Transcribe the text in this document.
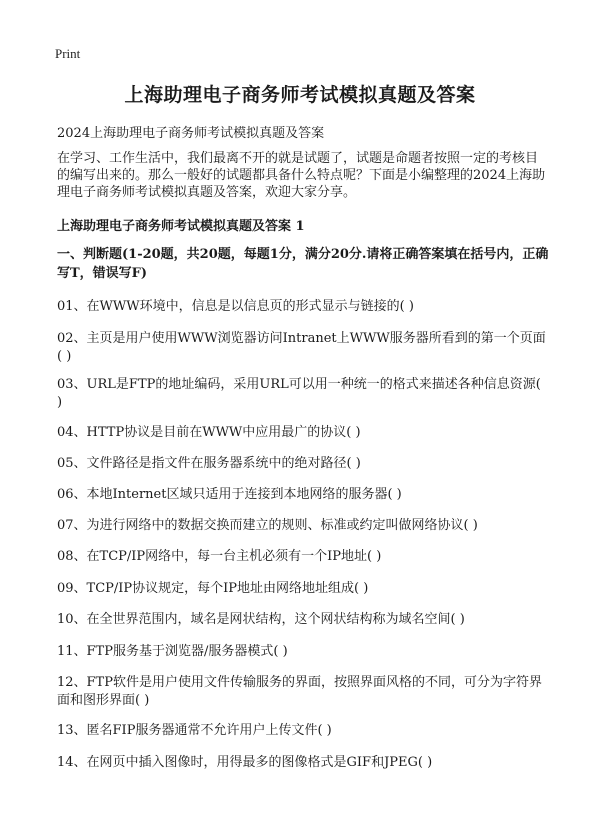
Print
上海助理电子商务师考试模拟真题及答案

2024上海助理电子商务师考试模拟真题及答案

在学习、工作生活中，我们最离不开的就是试题了，试题是命题者按照一定的考核目的编写出来的。那么一般好的试题都具备什么特点呢？下面是小编整理的2024上海助理电子商务师考试模拟真题及答案，欢迎大家分享。

上海助理电子商务师考试模拟真题及答案 1

一、判断题(1-20题，共20题，每题1分，满分20分.请将正确答案填在括号内，正确写T，错误写F)

01、在WWW环境中，信息是以信息页的形式显示与链接的( )

02、主页是用户使用WWW浏览器访问Intranet上WWW服务器所看到的第一个页面( )

03、URL是FTP的地址编码，采用URL可以用一种统一的格式来描述各种信息资源( )

04、HTTP协议是目前在WWW中应用最广的协议( )

05、文件路径是指文件在服务器系统中的绝对路径( )

06、本地Internet区域只适用于连接到本地网络的服务器( )

07、为进行网络中的数据交换而建立的规则、标准或约定叫做网络协议( )

08、在TCP/IP网络中，每一台主机必须有一个IP地址( )

09、TCP/IP协议规定，每个IP地址由网络地址组成( )

10、在全世界范围内，域名是网状结构，这个网状结构称为域名空间( )

11、FTP服务基于浏览器/服务器模式( )

12、FTP软件是用户使用文件传输服务的界面，按照界面风格的不同，可分为字符界面和图形界面( )

13、匿名FIP服务器通常不允许用户上传文件( )

14、在网页中插入图像时，用得最多的图像格式是GIF和JPEG( )
